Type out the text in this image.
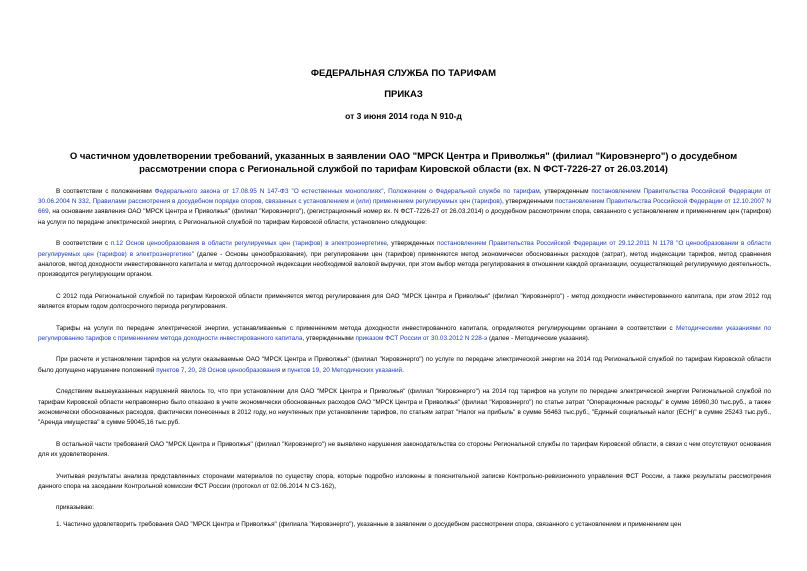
ФЕДЕРАЛЬНАЯ СЛУЖБА ПО ТАРИФАМ
ПРИКАЗ
от 3 июня 2014 года N 910-д
О частичном удовлетворении требований, указанных в заявлении ОАО "МРСК Центра и Приволжья" (филиал "Кировэнерго") о досудебном рассмотрении спора с Региональной службой по тарифам Кировской области (вх. N ФСТ-7226-27 от 26.03.2014)

В соответствии с положениями Федерального закона от 17.08.95 N 147-ФЗ "О естественных монополиях", Положением о Федеральной службе по тарифам, утвержденным постановлением Правительства Российской Федерации от 30.06.2004 N 332, Правилами рассмотрения в досудебном порядке споров, связанных с установлением и (или) применением регулируемых цен (тарифов), утвержденными постановлением Правительства Российской Федерации от 12.10.2007 N 669, на основании заявления ОАО "МРСК Центра и Приволжья" (филиал "Кировэнерго"), (регистрационный номер вх. N ФСТ-7226-27 от 26.03.2014) о досудебном рассмотрении спора, связанного с установлением и применением цен (тарифов) на услуги по передаче электрической энергии, с Региональной службой по тарифам Кировской области, установлено следующее:

В соответствии с п.12 Основ ценообразования в области регулируемых цен (тарифов) в электроэнергетике, утвержденных постановлением Правительства Российской Федерации от 29.12.2011 N 1178 "О ценообразовании в области регулируемых цен (тарифов) в электроэнергетике" (далее - Основы ценообразования), при регулировании цен (тарифов) применяются метод экономически обоснованных расходов (затрат), метод индексации тарифов, метод сравнения аналогов, метод доходности инвестированного капитала и метод долгосрочной индексации необходимой валовой выручки, при этом выбор метода регулирования в отношении каждой организации, осуществляющей регулируемую деятельность, производится регулирующим органом.

С 2012 года Региональной службой по тарифам Кировской области применяется метод регулирования для ОАО "МРСК Центра и Приволжья" (филиал "Кировэнерго") - метод доходности инвестированного капитала, при этом 2012 год является вторым годом долгосрочного периода регулирования.

Тарифы на услуги по передаче электрической энергии, устанавливаемые с применением метода доходности инвестированного капитала, определяются регулирующими органами в соответствии с Методическими указаниями по регулированию тарифов с применением метода доходности инвестированного капитала, утвержденными приказом ФСТ России от 30.03.2012 N 228-э (далее - Методические указания).

При расчете и установлении тарифов на услуги оказываемые ОАО "МРСК Центра и Приволжья" (филиал "Кировэнерго") по услуге по передаче электрической энергии на 2014 год Региональной службой по тарифам Кировской области было допущено нарушение положений пунктов 7, 20, 28 Основ ценообразования и пунктов 19, 20 Методических указаний.

Следствием вышеуказанных нарушений явилось то, что при установлении для ОАО "МРСК Центра и Приволжья" (филиал "Кировэнерго") на 2014 год тарифов на услуги по передаче электрической энергии Региональной службой по тарифам Кировской области неправомерно было отказано в учете экономически обоснованных расходов ОАО "МРСК Центра и Приволжья" (филиал "Кировэнерго") по статье затрат "Операционные расходы" в сумме 16960,30 тыс.руб., а также экономически обоснованных расходов, фактически понесенных в 2012 году, но неучтенных при установлении тарифов, по статьям затрат "Налог на прибыль" в сумме 56463 тыс.руб., "Единый социальный налог (ЕСН)" в сумме 25243 тыс.руб., "Аренда имущества" в сумме 59045,16 тыс.руб.

В остальной части требований ОАО "МРСК Центра и Приволжья" (филиал "Кировэнерго") не выявлено нарушения законодательства со стороны Региональной службы по тарифам Кировской области, в связи с чем отсутствуют основания для их удовлетворения.

Учитывая результаты анализа представленных сторонами материалов по существу спора, которые подробно изложены в пояснительной записке Контрольно-ревизионного управления ФСТ России, а также результаты рассмотрения данного спора на заседании Контрольной комиссии ФСТ России (протокол от 02.06.2014 N СЗ-162),

приказываю:

1. Частично удовлетворить требования ОАО "МРСК Центра и Приволжья" (филиала "Кировэнерго"), указанные в заявлении о досудебном рассмотрении спора, связанного с установлением и применением цен
